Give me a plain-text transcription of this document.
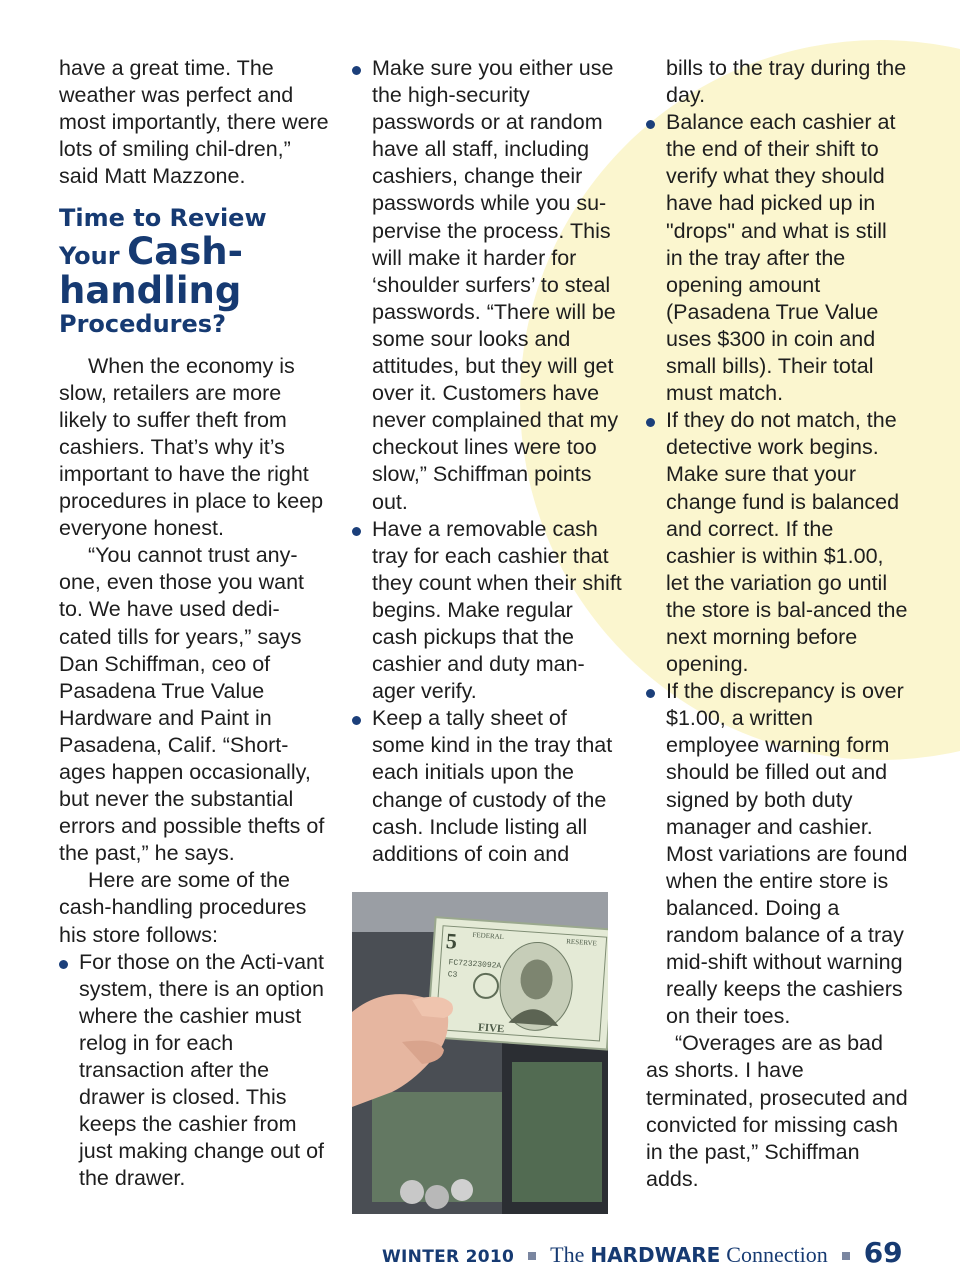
have a great time. The weather was perfect and most importantly, there were lots of smiling chil-dren,” said Matt Mazzone.

Time to Review
Your Cash-
handling
Procedures?

When the economy is slow, retailers are more likely to suffer theft from cashiers. That’s why it’s important to have the right procedures in place to keep everyone honest.

“You cannot trust any-one, even those you want to. We have used dedi-cated tills for years,” says Dan Schiffman, ceo of Pasadena True Value Hardware and Paint in Pasadena, Calif. “Short-ages happen occasionally, but never the substantial errors and possible thefts of the past,” he says.

Here are some of the cash-handling procedures his store follows:

For those on the Acti-vant system, there is an option where the cashier must relog in for each transaction after the drawer is closed. This keeps the cashier from just making change out of the drawer.

Make sure you either use the high-security passwords or at random have all staff, including cashiers, change their passwords while you su-pervise the process. This will make it harder for ‘shoulder surfers’ to steal passwords. “There will be some sour looks and attitudes, but they will get over it. Customers have never complained that my checkout lines were too slow,” Schiffman points out.

Have a removable cash tray for each cashier that they count when their shift begins. Make regular cash pickups that the cashier and duty man-ager verify.

Keep a tally sheet of some kind in the tray that each initials upon the change of custody of the cash. Include listing all additions of coin and

5
FC72323092A
C3
FEDERAL
RESERVE
FIVE

bills to the tray during the day.

Balance each cashier at the end of their shift to verify what they should have had picked up in "drops" and what is still in the tray after the opening amount (Pasadena True Value uses $300 in coin and small bills). Their total must match.

If they do not match, the detective work begins. Make sure that your change fund is balanced and correct. If the cashier is within $1.00, let the variation go until the store is bal-anced the next morning before opening.

If the discrepancy is over $1.00, a written employee warning form should be filled out and signed by both duty manager and cashier. Most variations are found when the entire store is balanced. Doing a random balance of a tray mid-shift without warning really keeps the cashiers on their toes.

“Overages are as bad as shorts. I have terminated, prosecuted and convicted for missing cash in the past,” Schiffman adds.

WINTER 2010 The HARDWARE Connection 69
